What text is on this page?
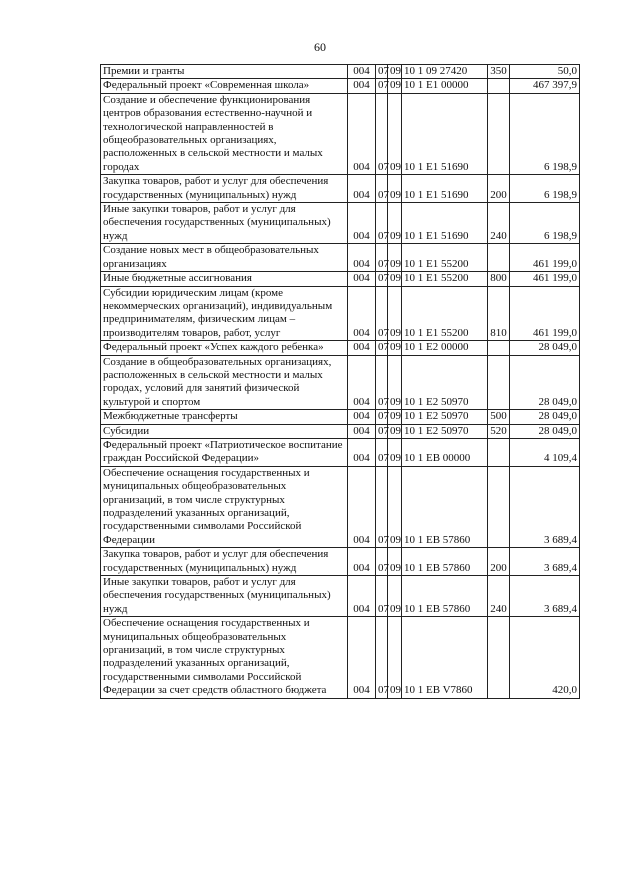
60
Премии и гранты	004	07	09	10 1 09 27420	350	50,0
Федеральный проект «Современная школа»	004	07	09	10 1 E1 00000		467 397,9
Создание и обеспечение функционирования центров образования естественно-научной и технологической направленностей в общеобразовательных организациях, расположенных в сельской местности и малых городах	004	07	09	10 1 E1 51690		6 198,9
Закупка товаров, работ и услуг для обеспечения государственных (муниципальных) нужд	004	07	09	10 1 E1 51690	200	6 198,9
Иные закупки товаров, работ и услуг для обеспечения государственных (муниципальных) нужд	004	07	09	10 1 E1 51690	240	6 198,9
Создание новых мест в общеобразовательных организациях	004	07	09	10 1 E1 55200		461 199,0
Иные бюджетные ассигнования	004	07	09	10 1 E1 55200	800	461 199,0
Субсидии юридическим лицам (кроме некоммерческих организаций), индивидуальным предпринимателям, физическим лицам – производителям товаров, работ, услуг	004	07	09	10 1 E1 55200	810	461 199,0
Федеральный проект «Успех каждого ребенка»	004	07	09	10 1 E2 00000		28 049,0
Создание в общеобразовательных организациях, расположенных в сельской местности и малых городах, условий для занятий физической культурой и спортом	004	07	09	10 1 E2 50970		28 049,0
Межбюджетные трансферты	004	07	09	10 1 E2 50970	500	28 049,0
Субсидии	004	07	09	10 1 E2 50970	520	28 049,0
Федеральный проект «Патриотическое воспитание граждан Российской Федерации»	004	07	09	10 1 EB 00000		4 109,4
Обеспечение оснащения государственных и муниципальных общеобразовательных организаций, в том числе структурных подразделений указанных организаций, государственными символами Российской Федерации	004	07	09	10 1 EB 57860		3 689,4
Закупка товаров, работ и услуг для обеспечения государственных (муниципальных) нужд	004	07	09	10 1 EB 57860	200	3 689,4
Иные закупки товаров, работ и услуг для обеспечения государственных (муниципальных) нужд	004	07	09	10 1 EB 57860	240	3 689,4
Обеспечение оснащения государственных и муниципальных общеобразовательных организаций, в том числе структурных подразделений указанных организаций, государственными символами Российской Федерации за счет средств областного бюджета	004	07	09	10 1 EB V7860		420,0
